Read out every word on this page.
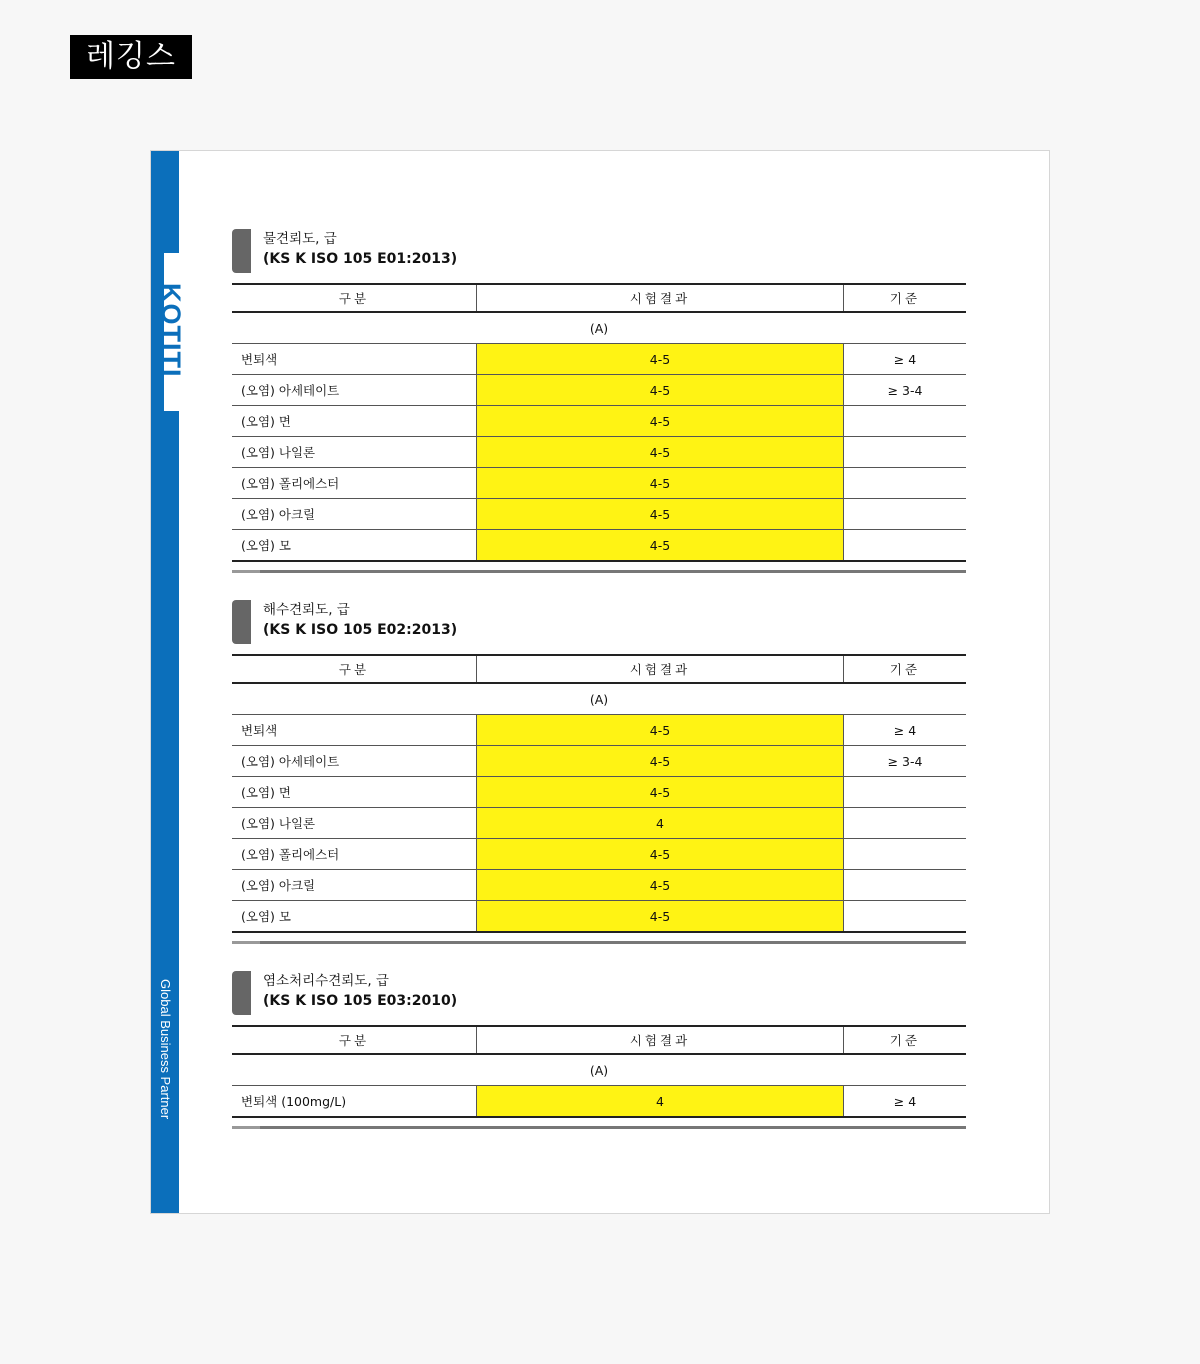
레깅스
KOTITI
Global Business Partner
물견뢰도, 급
(KS K ISO 105 E01:2013)
구분	시험결과	기준
(A)		
변퇴색	4-5	≥ 4
(오염) 아세테이트	4-5	≥ 3-4
(오염) 면	4-5	
(오염) 나일론	4-5	
(오염) 폴리에스터	4-5	
(오염) 아크릴	4-5	
(오염) 모	4-5	
해수견뢰도, 급
(KS K ISO 105 E02:2013)
구분	시험결과	기준
(A)		
변퇴색	4-5	≥ 4
(오염) 아세테이트	4-5	≥ 3-4
(오염) 면	4-5	
(오염) 나일론	4	
(오염) 폴리에스터	4-5	
(오염) 아크릴	4-5	
(오염) 모	4-5	
염소처리수견뢰도, 급
(KS K ISO 105 E03:2010)
구분	시험결과	기준
(A)		
변퇴색 (100mg/L)	4	≥ 4
